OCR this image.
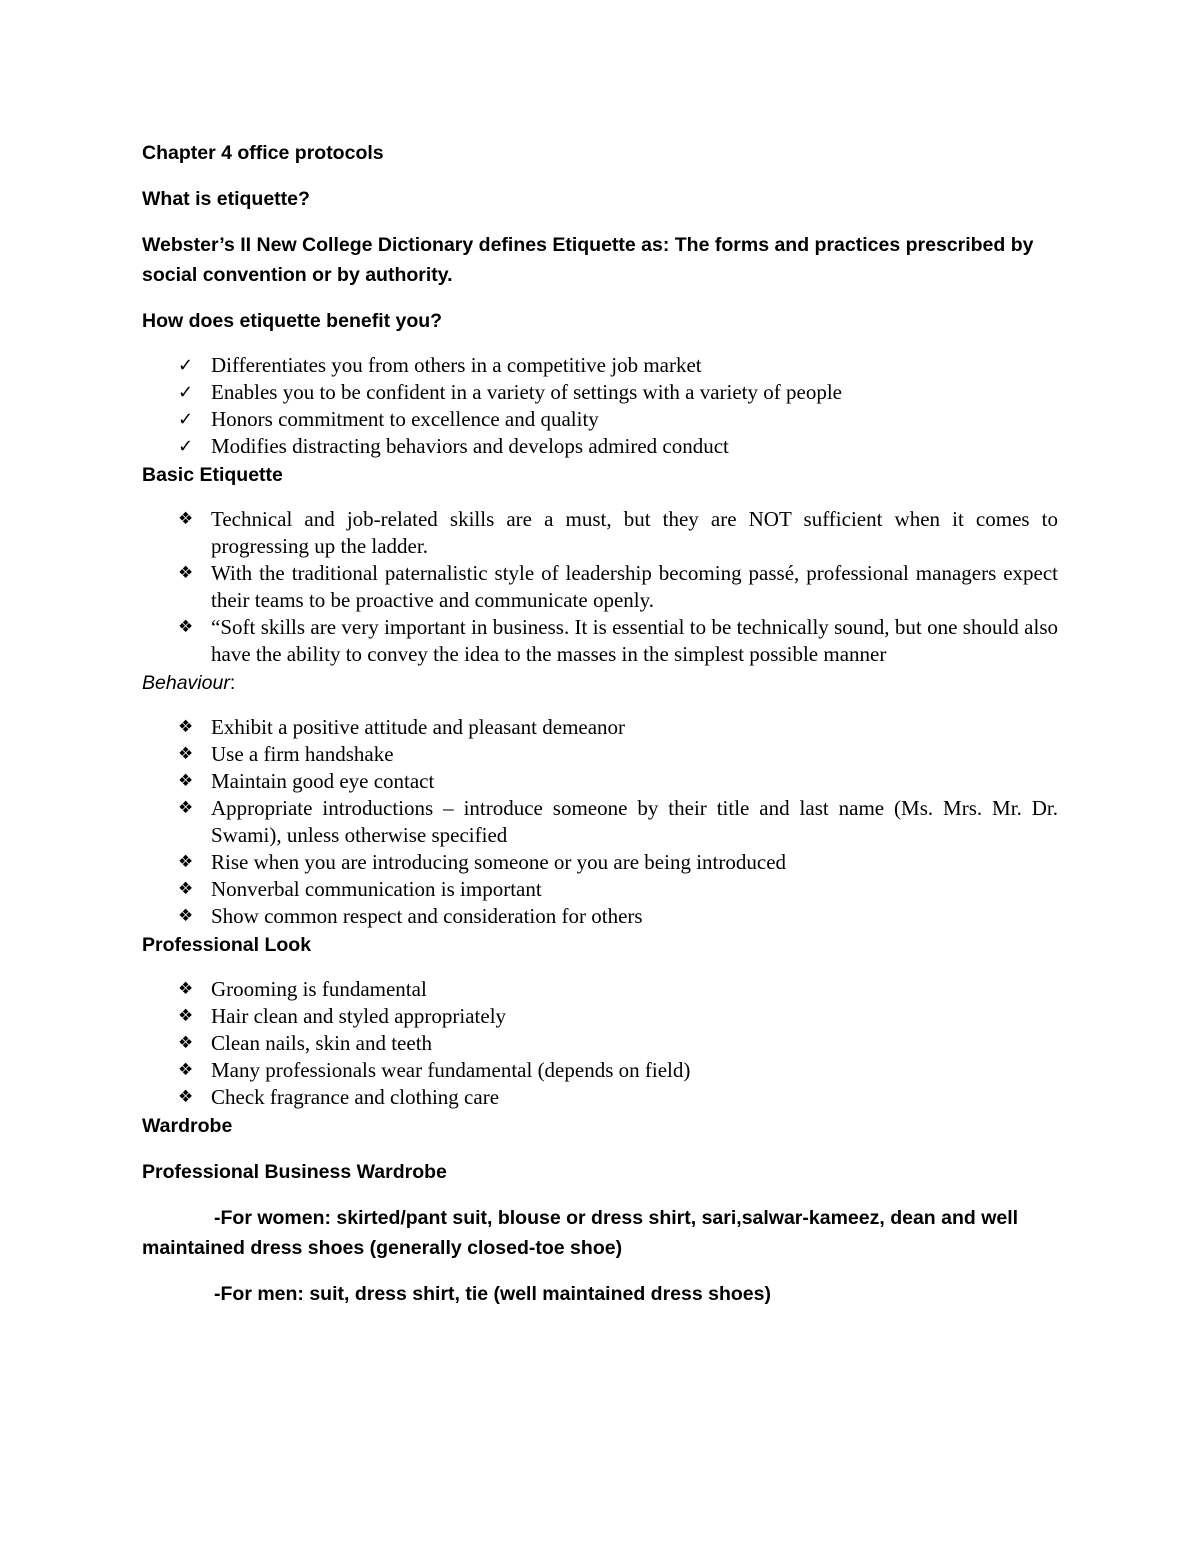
Chapter 4 office protocols

What is etiquette?

Webster’s II New College Dictionary defines Etiquette as: The forms and practices prescribed by social convention or by authority.

How does etiquette benefit you?

✓ Differentiates you from others in a competitive job market
✓ Enables you to be confident in a variety of settings with a variety of people
✓ Honors commitment to excellence and quality
✓ Modifies distracting behaviors and develops admired conduct

Basic Etiquette

❖ Technical and job-related skills are a must, but they are NOT sufficient when it comes to progressing up the ladder.
❖ With the traditional paternalistic style of leadership becoming passé, professional managers expect their teams to be proactive and communicate openly.
❖ “Soft skills are very important in business. It is essential to be technically sound, but one should also have the ability to convey the idea to the masses in the simplest possible manner

Behaviour:

❖ Exhibit a positive attitude and pleasant demeanor
❖ Use a firm handshake
❖ Maintain good eye contact
❖ Appropriate introductions – introduce someone by their title and last name (Ms. Mrs. Mr. Dr. Swami), unless otherwise specified
❖ Rise when you are introducing someone or you are being introduced
❖ Nonverbal communication is important
❖ Show common respect and consideration for others

Professional Look

❖ Grooming is fundamental
❖ Hair clean and styled appropriately
❖ Clean nails, skin and teeth
❖ Many professionals wear fundamental (depends on field)
❖ Check fragrance and clothing care

Wardrobe

Professional Business Wardrobe

-For women: skirted/pant suit, blouse or dress shirt, sari,salwar-kameez, dean and well maintained dress shoes (generally closed-toe shoe)

-For men: suit, dress shirt, tie (well maintained dress shoes)
